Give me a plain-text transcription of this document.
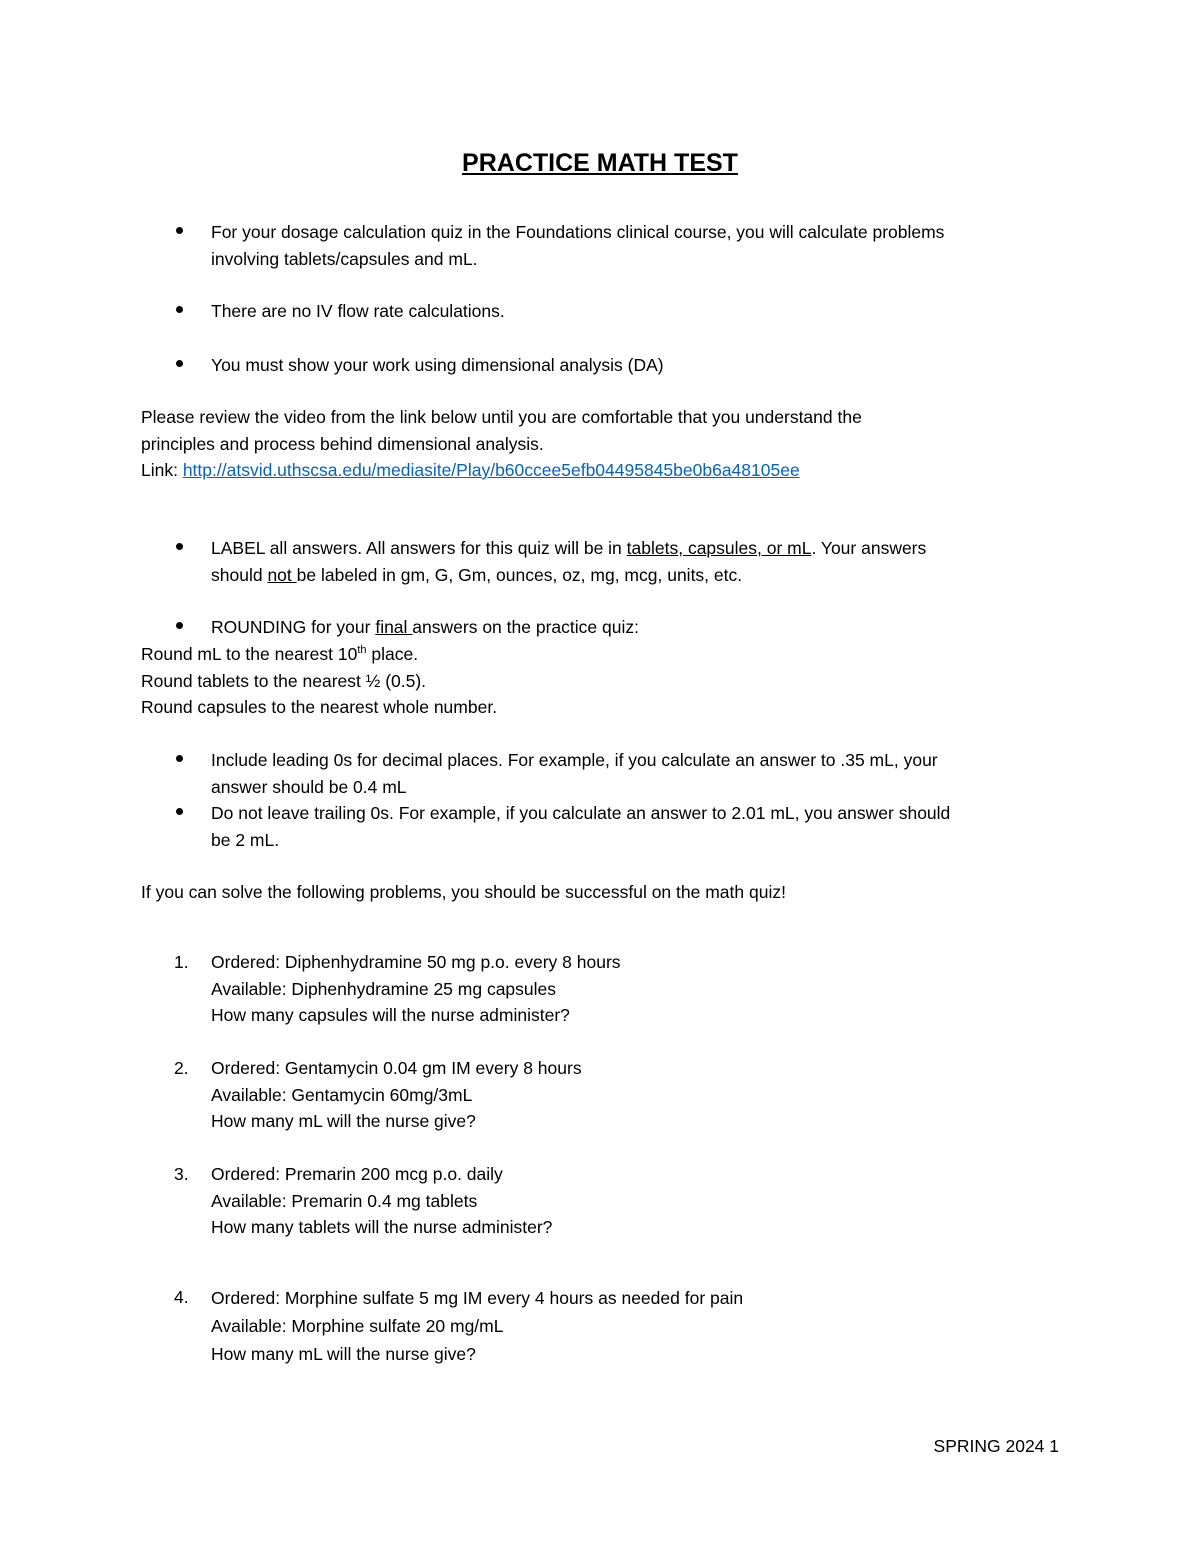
PRACTICE MATH TEST
For your dosage calculation quiz in the Foundations clinical course, you will calculate problems
involving tablets/capsules and mL.
There are no IV flow rate calculations.
You must show your work using dimensional analysis (DA)
Please review the video from the link below until you are comfortable that you understand the
principles and process behind dimensional analysis.
Link: http://atsvid.uthscsa.edu/mediasite/Play/b60ccee5efb04495845be0b6a48105ee
LABEL all answers. All answers for this quiz will be in tablets, capsules, or mL. Your answers
should not be labeled in gm, G, Gm, ounces, oz, mg, mcg, units, etc.
ROUNDING for your final answers on the practice quiz:
Round mL to the nearest 10th place.
Round tablets to the nearest ½ (0.5).
Round capsules to the nearest whole number.
Include leading 0s for decimal places. For example, if you calculate an answer to .35 mL, your
answer should be 0.4 mL
Do not leave trailing 0s. For example, if you calculate an answer to 2.01 mL, you answer should
be 2 mL.
If you can solve the following problems, you should be successful on the math quiz!
1.	Ordered: Diphenhydramine 50 mg p.o. every 8 hours
Available: Diphenhydramine 25 mg capsules
How many capsules will the nurse administer?
2.	Ordered: Gentamycin 0.04 gm IM every 8 hours
Available: Gentamycin 60mg/3mL
How many mL will the nurse give?
3.	Ordered: Premarin 200 mcg p.o. daily
Available: Premarin 0.4 mg tablets
How many tablets will the nurse administer?
4.	Ordered: Morphine sulfate 5 mg IM every 4 hours as needed for pain
Available: Morphine sulfate 20 mg/mL
How many mL will the nurse give?
SPRING 2024 1
